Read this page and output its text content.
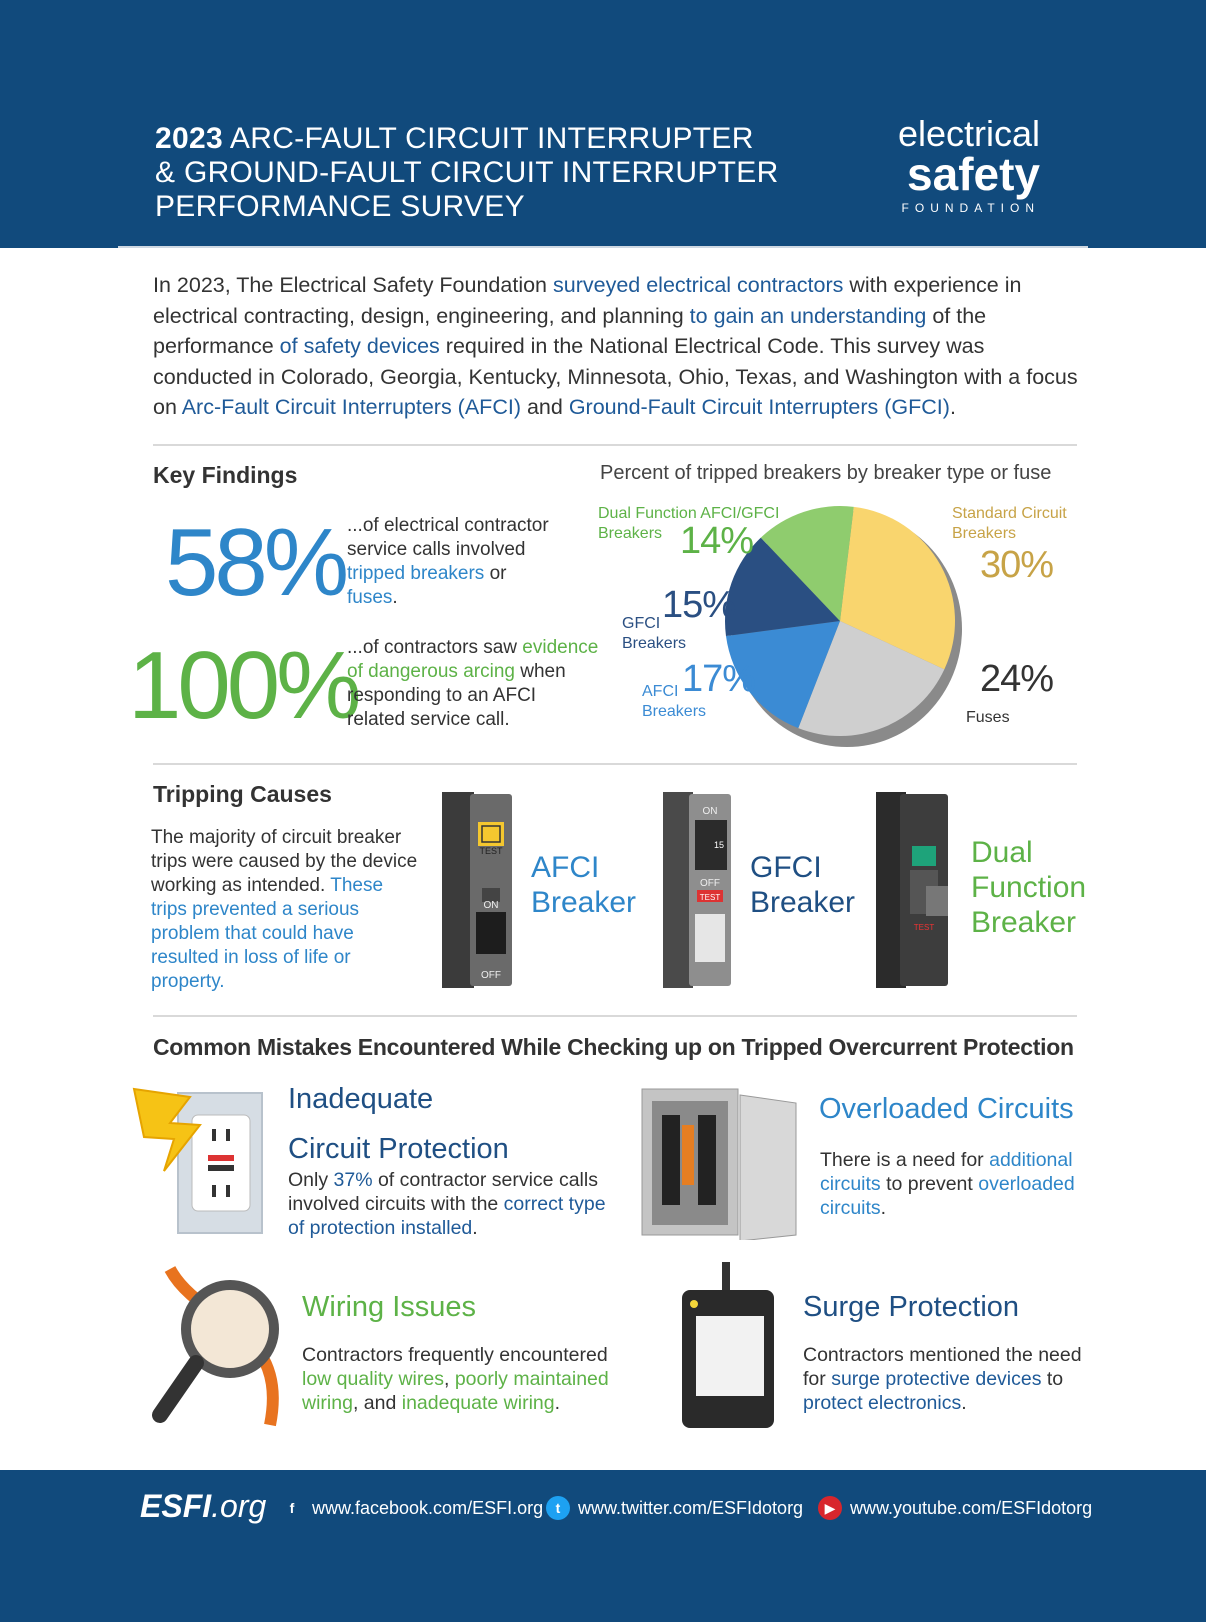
2023 ARC-FAULT CIRCUIT INTERRUPTER
& GROUND-FAULT CIRCUIT INTERRUPTER
PERFORMANCE SURVEY
electrical
safety
FOUNDATION
In 2023, The Electrical Safety Foundation surveyed electrical contractors with experience in electrical contracting, design, engineering, and planning to gain an understanding of the performance of safety devices required in the National Electrical Code. This survey was conducted in Colorado, Georgia, Kentucky, Minnesota, Ohio, Texas, and Washington with a focus on Arc-Fault Circuit Interrupters (AFCI) and Ground-Fault Circuit Interrupters (GFCI).
Key Findings
58% ...of electrical contractor service calls involved tripped breakers or fuses.
100%
...of contractors saw evidence of dangerous arcing when responding to an AFCI related service call.
Percent of tripped breakers by breaker type or fuse
Standard Circuit
Breakers
30%
24%
Fuses
AFCI
Breakers
17%
GFCI
Breakers
15%
Dual Function AFCI/GFCI
Breakers 14%
Tripping Causes
The majority of circuit breaker trips were caused by the device working as intended. These trips prevented a serious problem that could have resulted in loss of life or property.
TEST
ON
OFF
AFCI
Breaker
ON
15
OFF
TEST
GFCI
Breaker
TEST
Dual
Function
Breaker
Common Mistakes Encountered While Checking up on Tripped Overcurrent Protection
Inadequate
Circuit Protection
Only 37% of contractor service calls involved circuits with the correct type of protection installed.
Overloaded Circuits
There is a need for additional circuits to prevent overloaded circuits.
Wiring Issues
Contractors frequently encountered low quality wires, poorly maintained wiring, and inadequate wiring.
Surge Protection
Contractors mentioned the need for surge protective devices to protect electronics.
ESFI.org	f www.facebook.com/ESFI.org t www.twitter.com/ESFIdotorg	▶ www.youtube.com/ESFIdotorg
